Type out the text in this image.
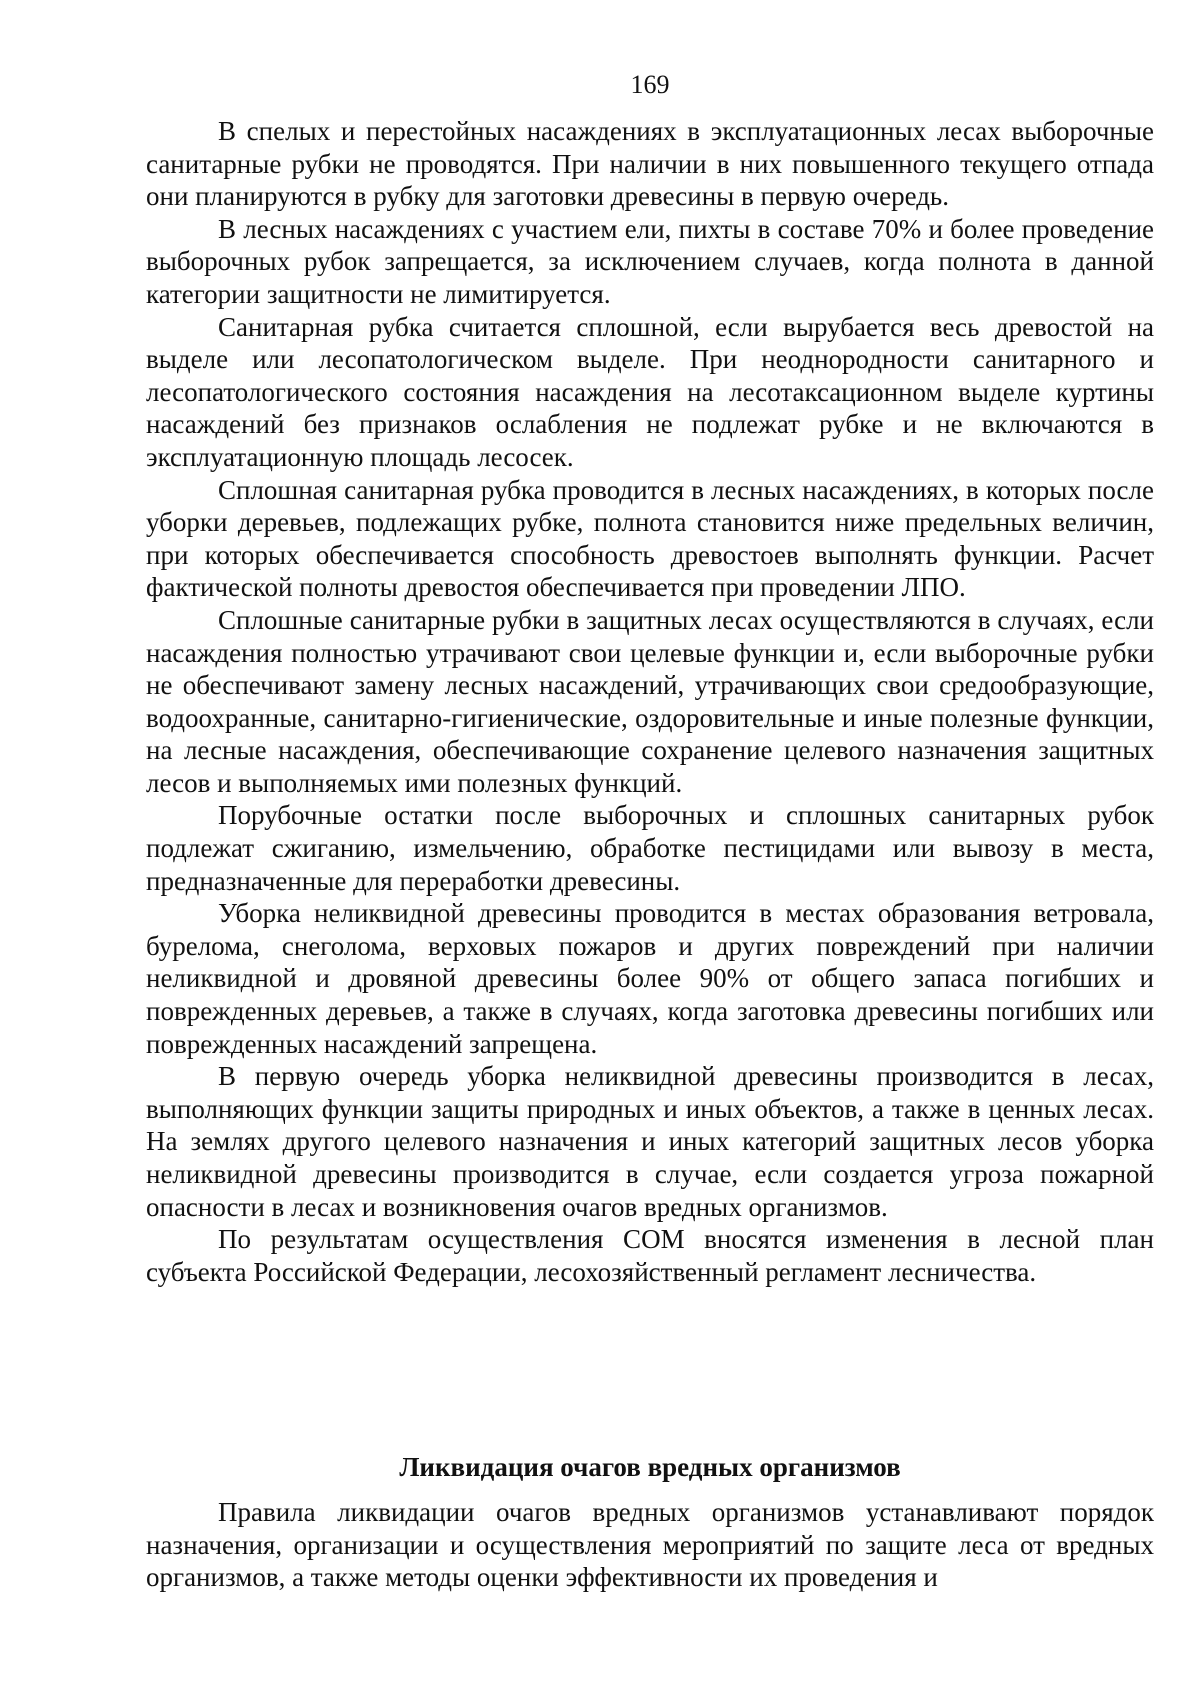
169

В спелых и перестойных насаждениях в эксплуатационных лесах выборочные санитарные рубки не проводятся. При наличии в них повышенного текущего отпада они планируются в рубку для заготовки древесины в первую очередь.

В лесных насаждениях с участием ели, пихты в составе 70% и более проведение выборочных рубок запрещается, за исключением случаев, когда полнота в данной категории защитности не лимитируется.

Санитарная рубка считается сплошной, если вырубается весь древостой на выделе или лесопатологическом выделе. При неоднородности санитарного и лесопатологического состояния насаждения на лесотаксационном выделе куртины насаждений без признаков ослабления не подлежат рубке и не включаются в эксплуатационную площадь лесосек.

Сплошная санитарная рубка проводится в лесных насаждениях, в которых после уборки деревьев, подлежащих рубке, полнота становится ниже предельных величин, при которых обеспечивается способность древостоев выполнять функции. Расчет фактической полноты древостоя обеспечивается при проведении ЛПО.

Сплошные санитарные рубки в защитных лесах осуществляются в случаях, если насаждения полностью утрачивают свои целевые функции и, если выборочные рубки не обеспечивают замену лесных насаждений, утрачивающих свои средообразующие, водоохранные, санитарно-гигиенические, оздоровительные и иные полезные функции, на лесные насаждения, обеспечивающие сохранение целевого назначения защитных лесов и выполняемых ими полезных функций.

Порубочные остатки после выборочных и сплошных санитарных рубок подлежат сжиганию, измельчению, обработке пестицидами или вывозу в места, предназначенные для переработки древесины.

Уборка неликвидной древесины проводится в местах образования ветровала, бурелома, снеголома, верховых пожаров и других повреждений при наличии неликвидной и дровяной древесины более 90% от общего запаса погибших и поврежденных деревьев, а также в случаях, когда заготовка древесины погибших или поврежденных насаждений запрещена.

В первую очередь уборка неликвидной древесины производится в лесах, выполняющих функции защиты природных и иных объектов, а также в ценных лесах. На землях другого целевого назначения и иных категорий защитных лесов уборка неликвидной древесины производится в случае, если создается угроза пожарной опасности в лесах и возникновения очагов вредных организмов.

По результатам осуществления СОМ вносятся изменения в лесной план субъекта Российской Федерации, лесохозяйственный регламент лесничества.

Ликвидация очагов вредных организмов

Правила ликвидации очагов вредных организмов устанавливают порядок назначения, организации и осуществления мероприятий по защите леса от вредных организмов, а также методы оценки эффективности их проведения и
